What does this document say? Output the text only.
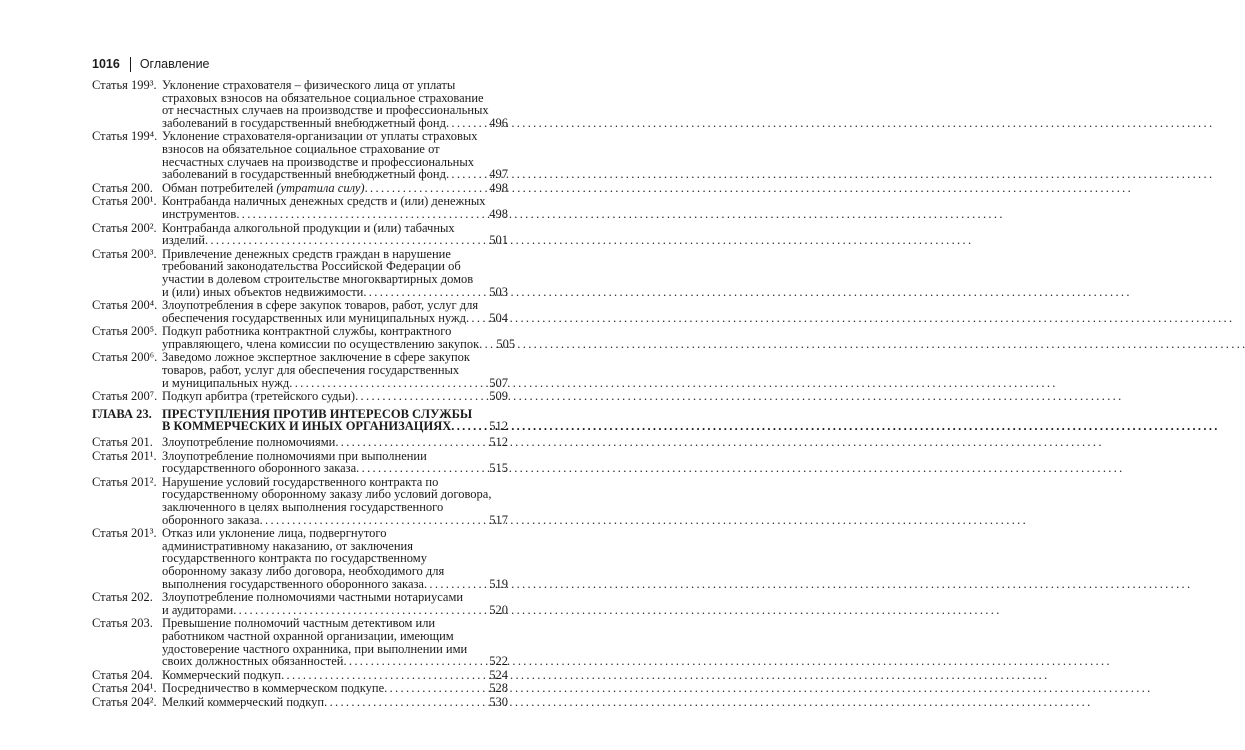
1016 Оглавление
Статья 199³. Уклонение страхователя – физического лица от уплаты
страховых взносов на обязательное социальное страхование
от несчастных случаев на производстве и профессиональных
заболеваний в государственный внебюджетный фонд . . .	496
Статья 199⁴. Уклонение страхователя-организации от уплаты страховых
взносов на обязательное социальное страхование от
несчастных случаев на производстве и профессиональных
заболеваний в государственный внебюджетный фонд . . .	497
Статья 200. Обман потребителей (утратила силу) . . .	498
Статья 200¹. Контрабанда наличных денежных средств и (или) денежных
инструментов . . .	498
Статья 200². Контрабанда алкогольной продукции и (или) табачных
изделий . . .	501
Статья 200³. Привлечение денежных средств граждан в нарушение
требований законодательства Российской Федерации об
участии в долевом строительстве многоквартирных домов
и (или) иных объектов недвижимости . . .	503
Статья 200⁴. Злоупотребления в сфере закупок товаров, работ, услуг для
обеспечения государственных или муниципальных нужд . . .	504
Статья 200⁵. Подкуп работника контрактной службы, контрактного
управляющего, члена комиссии по осуществлению закупок . . .	505
Статья 200⁶. Заведомо ложное экспертное заключение в сфере закупок
товаров, работ, услуг для обеспечения государственных
и муниципальных нужд . . .	507
Статья 200⁷. Подкуп арбитра (третейского судьи) . . .	509
ГЛАВА 23. ПРЕСТУПЛЕНИЯ ПРОТИВ ИНТЕРЕСОВ СЛУЖБЫ
В КОММЕРЧЕСКИХ И ИНЫХ ОРГАНИЗАЦИЯХ . . .	512
Статья 201. Злоупотребление полномочиями . . .	512
Статья 201¹. Злоупотребление полномочиями при выполнении
государственного оборонного заказа . . .	515
Статья 201². Нарушение условий государственного контракта по
государственному оборонному заказу либо условий договора,
заключенного в целях выполнения государственного
оборонного заказа . . .	517
Статья 201³. Отказ или уклонение лица, подвергнутого
административному наказанию, от заключения
государственного контракта по государственному
оборонному заказу либо договора, необходимого для
выполнения государственного оборонного заказа . . .	519
Статья 202. Злоупотребление полномочиями частными нотариусами
и аудиторами . . .	520
Статья 203. Превышение полномочий частным детективом или
работником частной охранной организации, имеющим
удостоверение частного охранника, при выполнении ими
своих должностных обязанностей . . .	522
Статья 204. Коммерческий подкуп . . .	524
Статья 204¹. Посредничество в коммерческом подкупе . . .	528
Статья 204². Мелкий коммерческий подкуп . . .	530
